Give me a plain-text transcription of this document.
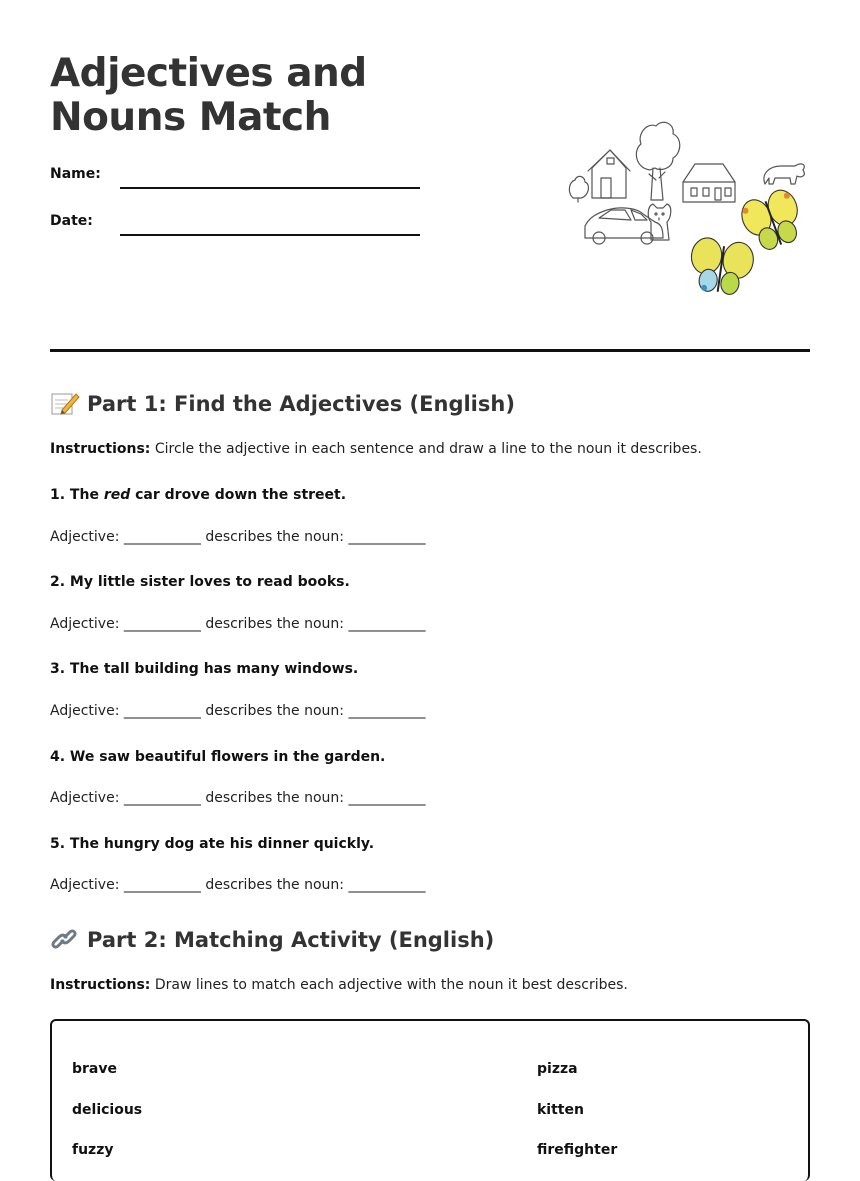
Adjectives and Nouns Match
Name:
Date:
Part 1: Find the Adjectives (English)
Instructions: Circle the adjective in each sentence and draw a line to the noun it describes.
1. The red car drove down the street.
Adjective: ___________ describes the noun: ___________
2. My little sister loves to read books.
Adjective: ___________ describes the noun: ___________
3. The tall building has many windows.
Adjective: ___________ describes the noun: ___________
4. We saw beautiful flowers in the garden.
Adjective: ___________ describes the noun: ___________
5. The hungry dog ate his dinner quickly.
Adjective: ___________ describes the noun: ___________
Part 2: Matching Activity (English)
Instructions: Draw lines to match each adjective with the noun it best describes.
brave
delicious
fuzzy
pizza
kitten
firefighter
